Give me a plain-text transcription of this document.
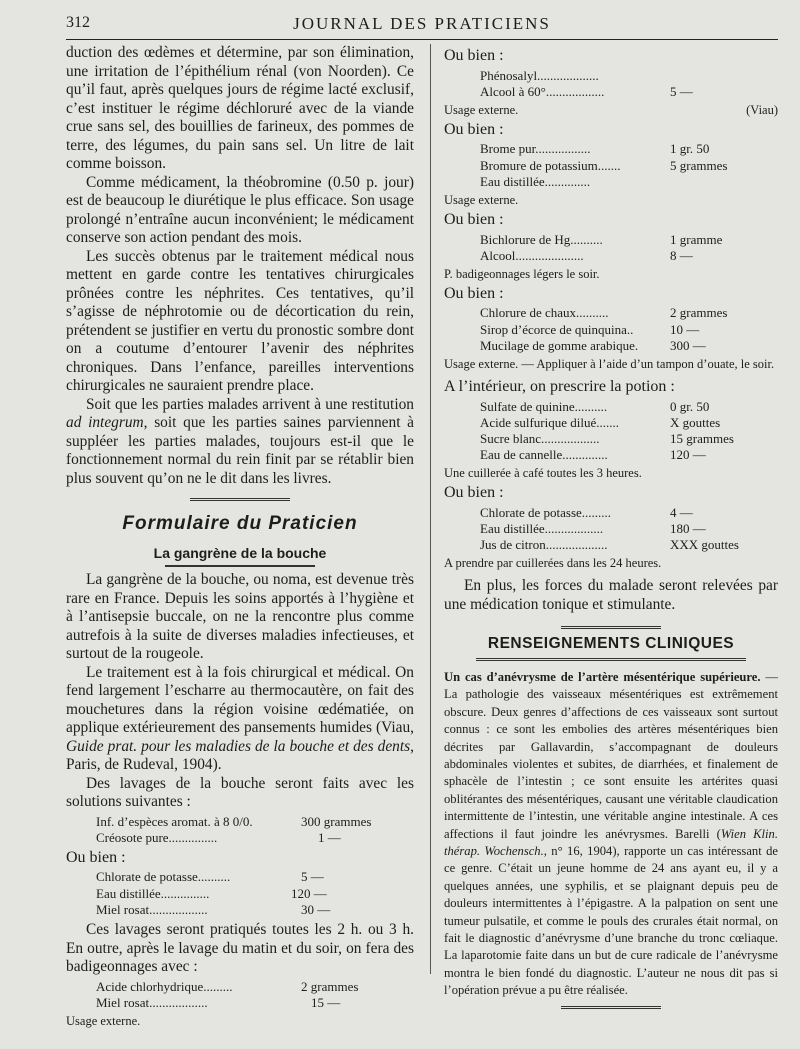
312	JOURNAL DES PRATICIENS

duction des œdèmes et détermine, par son élimination, une irritation de l’épithélium rénal (von Noorden). Ce qu’il faut, après quelques jours de régime lacté exclusif, c’est instituer le régime déchloruré avec de la viande crue sans sel, des bouillies de farineux, des pommes de terre, des légumes, du pain sans sel. Un litre de lait comme boisson.

Comme médicament, la théobromine (0.50 p. jour) est de beaucoup le diurétique le plus efficace. Son usage prolongé n’entraîne aucun inconvénient; le médicament conserve son action pendant des mois.

Les succès obtenus par le traitement médical nous mettent en garde contre les tentatives chirurgicales prônées contre les néphrites. Ces tentatives, qu’il s’agisse de néphrotomie ou de décortication du rein, prétendent se justifier en vertu du pronostic sombre dont on a coutume d’entourer l’avenir des néphrites chroniques. Dans l’enfance, pareilles interventions chirurgicales ne sauraient prendre place.

Soit que les parties malades arrivent à une restitution ad integrum, soit que les parties saines parviennent à suppléer les parties malades, toujours est-il que le fonctionnement normal du rein finit par se rétablir bien plus souvent qu’on ne le dit dans les livres.

Formulaire du Praticien
La gangrène de la bouche

La gangrène de la bouche, ou noma, est devenue très rare en France. Depuis les soins apportés à l’hygiène et à l’antisepsie buccale, on ne la rencontre plus comme autrefois à la suite de diverses maladies infectieuses, et surtout de la rougeole.

Le traitement est à la fois chirurgical et médical. On fend largement l’escharre au thermocautère, on fait des mouchetures dans la région voisine œdématiée, on applique extérieurement des pansements humides (Viau, Guide prat. pour les maladies de la bouche et des dents, Paris, de Rudeval, 1904).

Des lavages de la bouche seront faits avec les solutions suivantes :

Inf. d’espèces aromat. à 8 0/0.	300 grammes
Créosote pure...............	1 —
Ou bien :
Chlorate de potasse..........	5 —
Eau distillée...............	120 —
Miel rosat..................	30 —

Ces lavages seront pratiqués toutes les 2 h. ou 3 h. En outre, après le lavage du matin et du soir, on fera des badigeonnages avec :

Acide chlorhydrique.........	2 grammes
Miel rosat..................	15 —
Usage externe.
Ou bien :
Phénosalyl...................
Alcool à 60°..................	5 —
Usage externe.	(Viau)
Ou bien :
Brome pur.................	1 gr. 50
Bromure de potassium.......	5 grammes
Eau distillée..............
Usage externe.
Ou bien :
Bichlorure de Hg..........	1 gramme
Alcool.....................	8 —
P. badigeonnages légers le soir.
Ou bien :
Chlorure de chaux..........	2 grammes
Sirop d’écorce de quinquina..	10 —
Mucilage de gomme arabique.	300 —
Usage externe. — Appliquer à l’aide d’un tampon d’ouate, le soir.
A l’intérieur, on prescrire la potion :
Sulfate de quinine..........	0 gr. 50
Acide sulfurique dilué.......	X gouttes
Sucre blanc..................	15 grammes
Eau de cannelle..............	120 —
Une cuillerée à café toutes les 3 heures.
Ou bien :
Chlorate de potasse.........	4 —
Eau distillée..................	180 —
Jus de citron...................	XXX gouttes
A prendre par cuillerées dans les 24 heures.

En plus, les forces du malade seront relevées par une médication tonique et stimulante.

RENSEIGNEMENTS CLINIQUES
Un cas d’anévrysme de l’artère mésentérique supérieure. — La pathologie des vaisseaux mésentériques est extrêmement obscure. Deux genres d’affections de ces vaisseaux sont surtout connus : ce sont les embolies des artères mésentériques bien décrites par Gallavardin, s’accompagnant de douleurs abdominales violentes et subites, de diarrhées, et finalement de sphacèle de l’intestin ; ce sont ensuite les artérites quasi oblitérantes des mésentériques, causant une véritable claudication intermittente de l’intestin, une véritable angine intestinale. A ces affections il faut joindre les anévrysmes. Barelli (Wien Klin. thérap. Wochensch., n° 16, 1904), rapporte un cas intéressant de ce genre. C’était un jeune homme de 24 ans ayant eu, il y a quelques années, une syphilis, et se plaignant depuis peu de douleurs intermittentes à l’épigastre. A la palpation on sent une tumeur pulsatile, et comme le pouls des crurales était normal, on fait le diagnostic d’anévrysme d’une branche du tronc cœliaque. La laparotomie faite dans un but de cure radicale de l’anévrysme montra le bien fondé du diagnostic. L’auteur ne nous dit pas si l’opération prévue a pu être réalisée.
